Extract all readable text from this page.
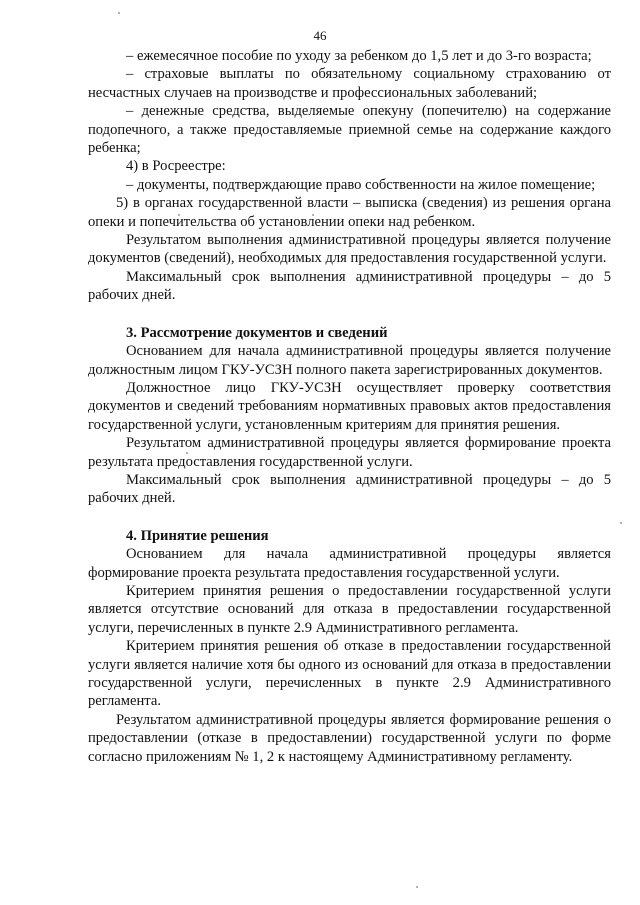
46

– ежемесячное пособие по уходу за ребенком до 1,5 лет и до 3-го возраста;

– страховые выплаты по обязательному социальному страхованию от несчастных случаев на производстве и профессиональных заболеваний;

– денежные средства, выделяемые опекуну (попечителю) на содержание подопечного, а также предоставляемые приемной семье на содержание каждого ребенка;

4) в Росреестре:

– документы, подтверждающие право собственности на жилое помещение;

5) в органах государственной власти – выписка (сведения) из решения органа опеки и попечительства об установлении опеки над ребенком.

Результатом выполнения административной процедуры является получение документов (сведений), необходимых для предоставления государственной услуги.

Максимальный срок выполнения административной процедуры – до 5 рабочих дней.

3. Рассмотрение документов и сведений

Основанием для начала административной процедуры является получение должностным лицом ГКУ-УСЗН полного пакета зарегистрированных документов.

Должностное лицо ГКУ-УСЗН осуществляет проверку соответствия документов и сведений требованиям нормативных правовых актов предоставления государственной услуги, установленным критериям для принятия решения.

Результатом административной процедуры является формирование проекта результата предоставления государственной услуги.

Максимальный срок выполнения административной процедуры – до 5 рабочих дней.

4. Принятие решения

Основанием для начала административной процедуры является формирование проекта результата предоставления государственной услуги.

Критерием принятия решения о предоставлении государственной услуги является отсутствие оснований для отказа в предоставлении государственной услуги, перечисленных в пункте 2.9 Административного регламента.

Критерием принятия решения об отказе в предоставлении государственной услуги является наличие хотя бы одного из оснований для отказа в предоставлении государственной услуги, перечисленных в пункте 2.9 Административного регламента.

Результатом административной процедуры является формирование решения о предоставлении (отказе в предоставлении) государственной услуги по форме согласно приложениям № 1, 2 к настоящему Административному регламенту.
